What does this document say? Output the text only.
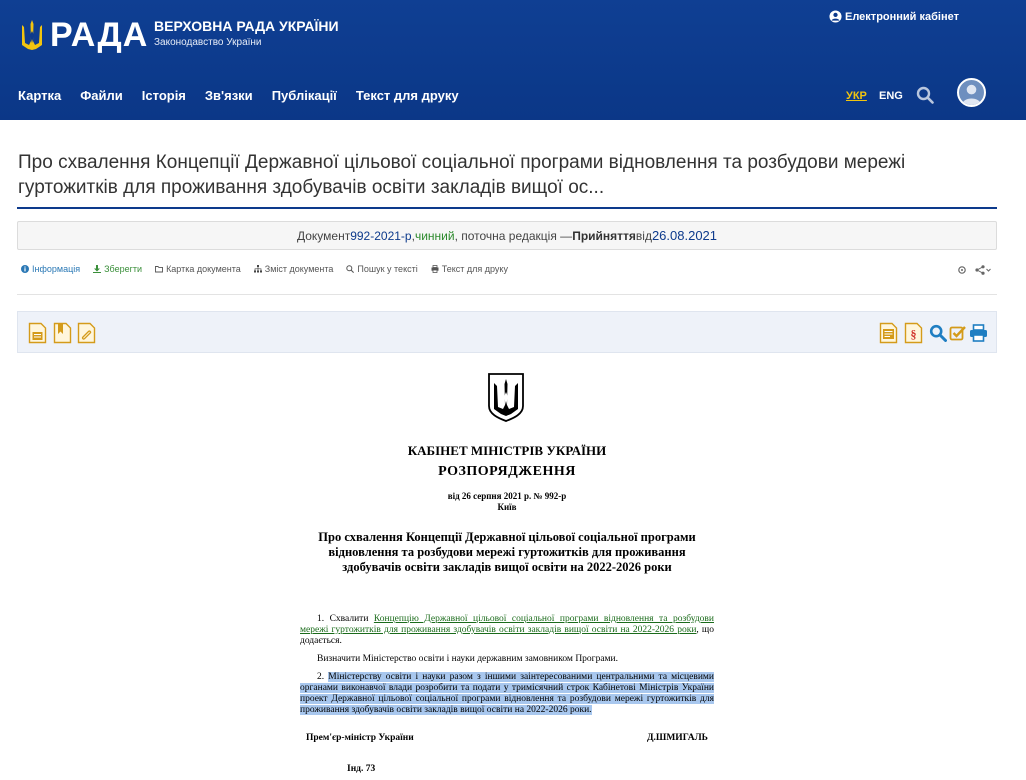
РАДА ВЕРХОВНА РАДА УКРАЇНИ
Законодавство України
Електронний кабінет
Картка Файли Історія Зв'язки Публікації Текст для друку	УКР ENG
Про схвалення Концепції Державної цільової соціальної програми відновлення та розбудови мережі гуртожитків для проживання здобувачів освіти закладів вищої ос...
Документ 992-2021-р , чинний , поточна редакція — Прийняття від 26.08.2021
Інформація	Зберегти	Картка документа	Зміст документа	Пошук у тексті	Текст для друку
§
КАБІНЕТ МІНІСТРІВ УКРАЇНИ
РОЗПОРЯДЖЕННЯ
від 26 серпня 2021 р. № 992-р
Київ
Про схвалення Концепції Державної цільової соціальної програми відновлення та розбудови мережі гуртожитків для проживання здобувачів освіти закладів вищої освіти на 2022-2026 роки
1. Схвалити Концепцію Державної цільової соціальної програми відновлення та розбудови мережі гуртожитків для проживання здобувачів освіти закладів вищої освіти на 2022-2026 роки, що додається.
Визначити Міністерство освіти і науки державним замовником Програми.
2. Міністерству освіти і науки разом з іншими заінтересованими центральними та місцевими органами виконавчої влади розробити та подати у тримісячний строк Кабінетові Міністрів України проект Державної цільової соціальної програми відновлення та розбудови мережі гуртожитків для проживання здобувачів освіти закладів вищої освіти на 2022-2026 роки.
Прем'єр-міністр України	Д.ШМИГАЛЬ
Інд. 73
